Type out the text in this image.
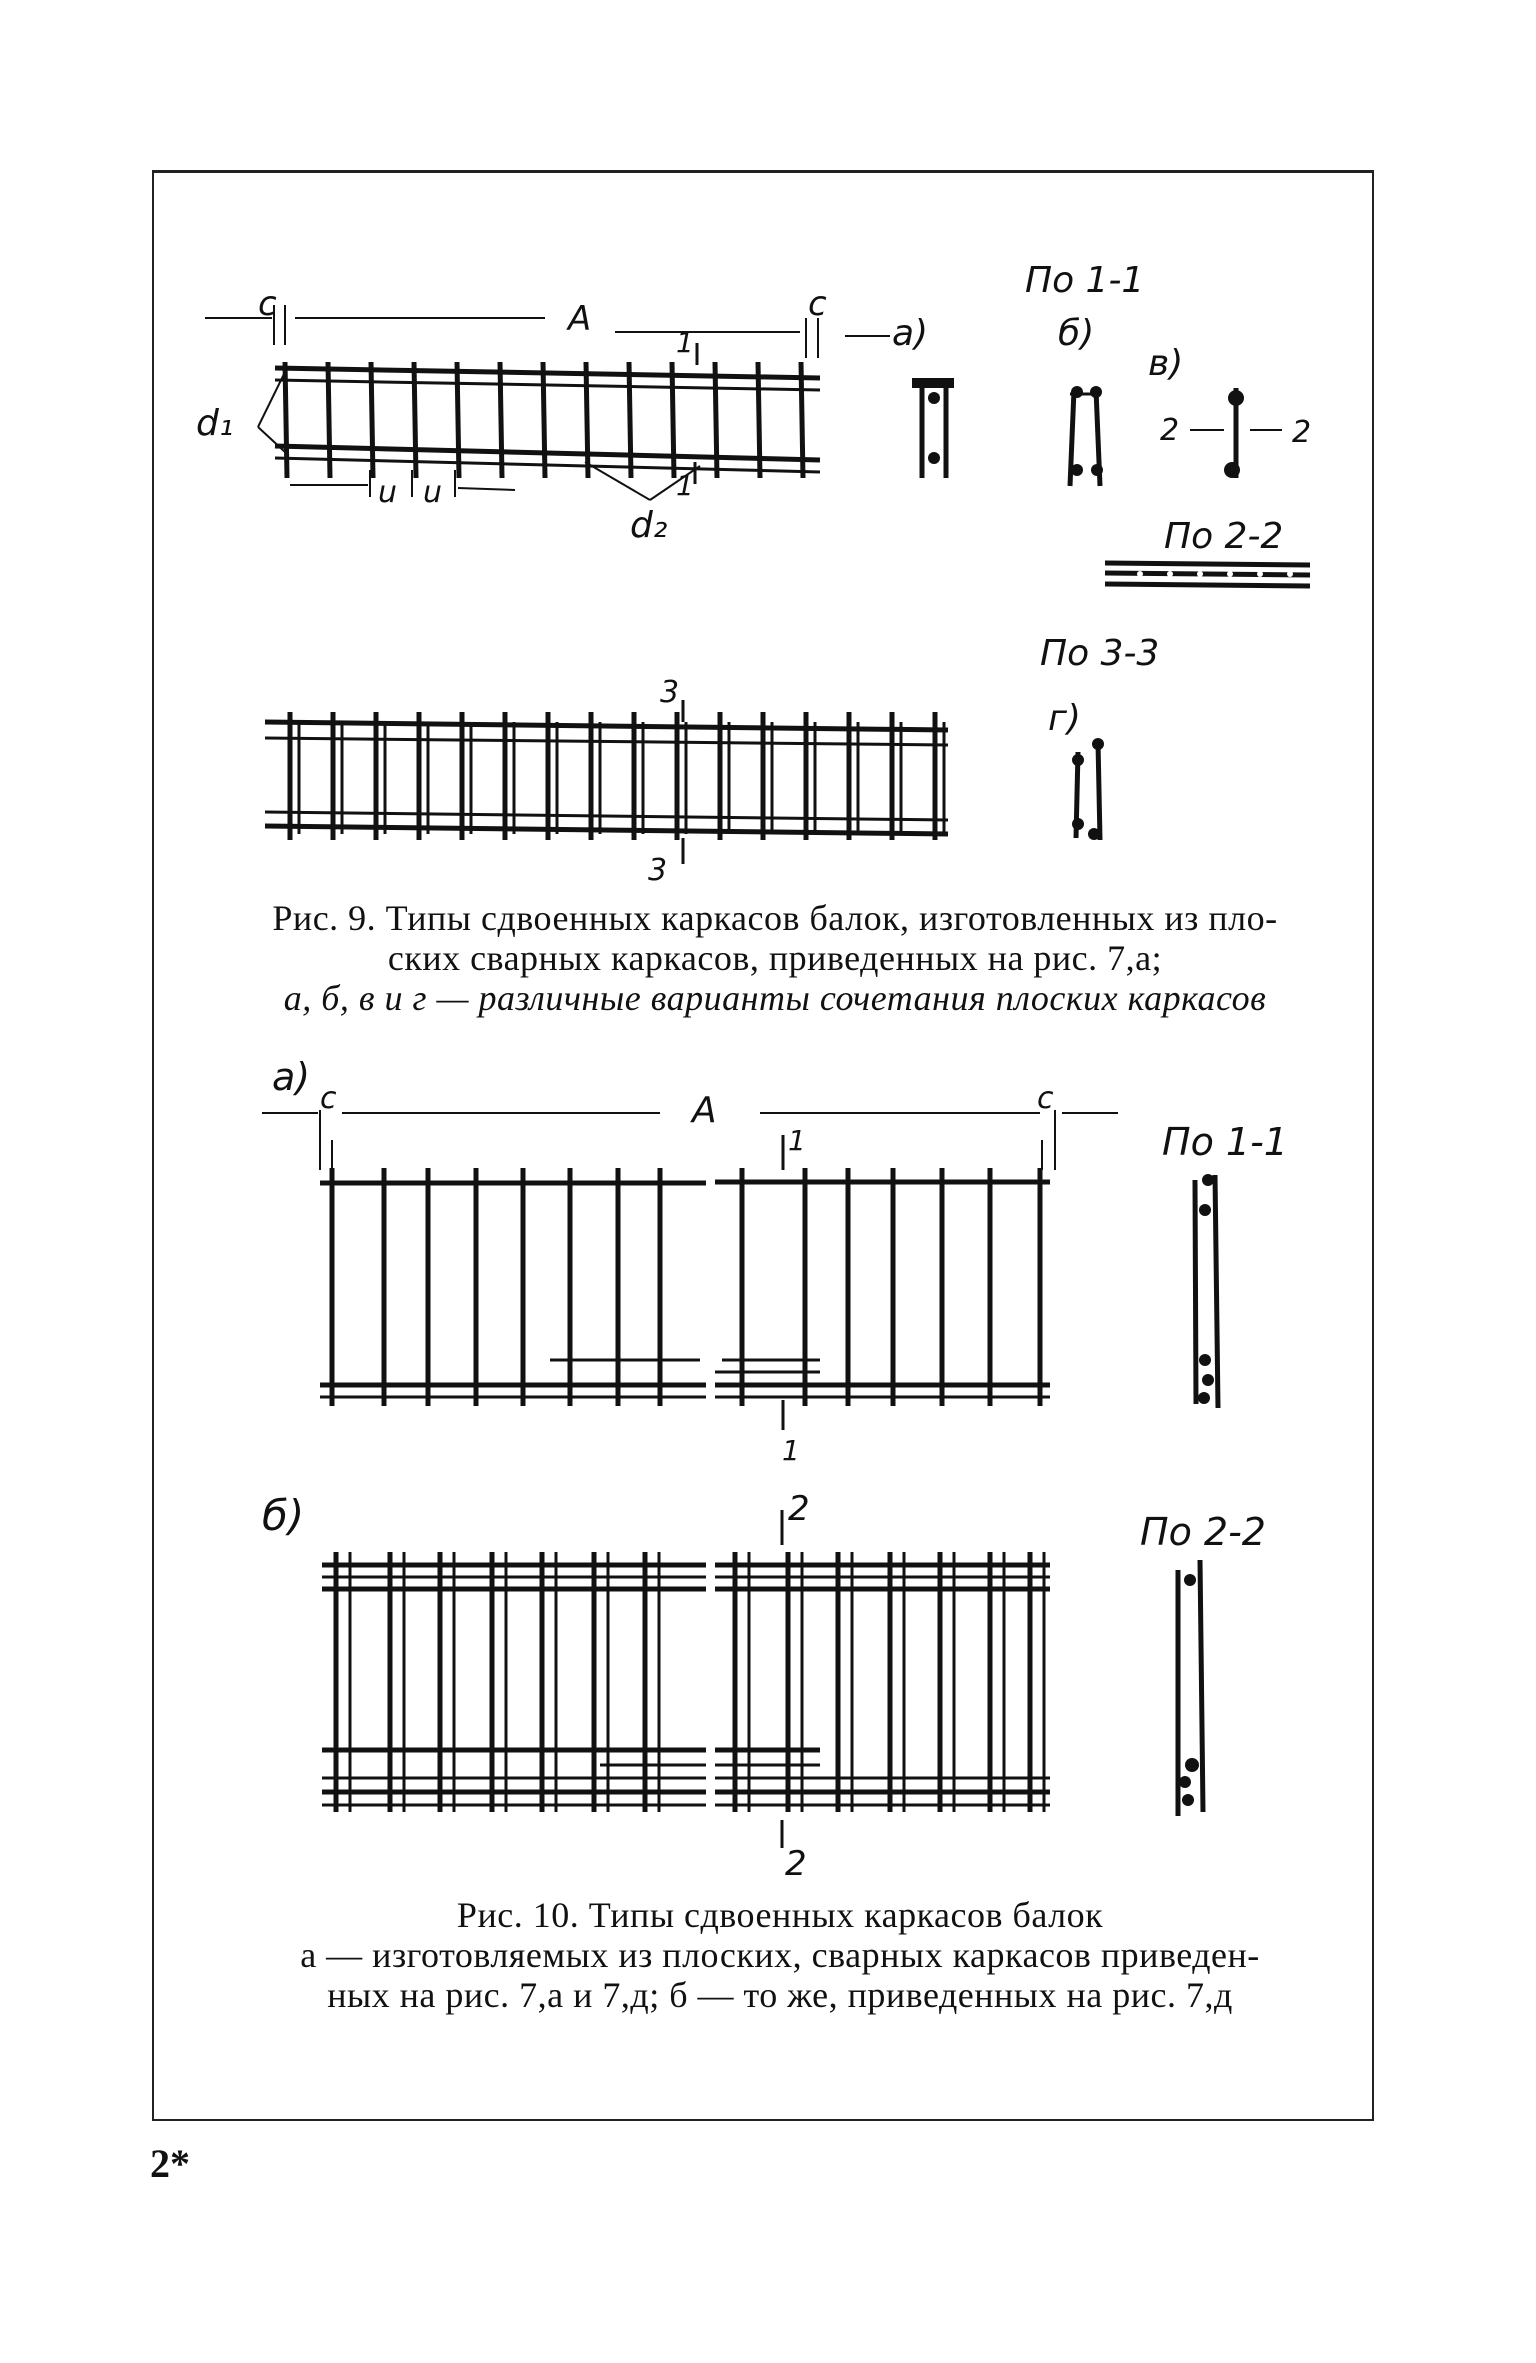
c	c
A
d₁
d₂
u u
1
1
По 1-1
a)	б)
в)
2	2
По 2-2
По 3-3
г)
3
3
а) c	c
A
1
1
По 1-1
б)	2
2
По 2-2
Рис. 9. Типы сдвоенных каркасов балок, изготовленных из пло-
ских сварных каркасов, приведенных на рис. 7,а;
а, б, в и г — различные варианты сочетания плоских каркасов
Рис. 10. Типы сдвоенных каркасов балок
а — изготовляемых из плоских, сварных каркасов приведен-
ных на рис. 7,а и 7,д; б — то же, приведенных на рис. 7,д
2*
